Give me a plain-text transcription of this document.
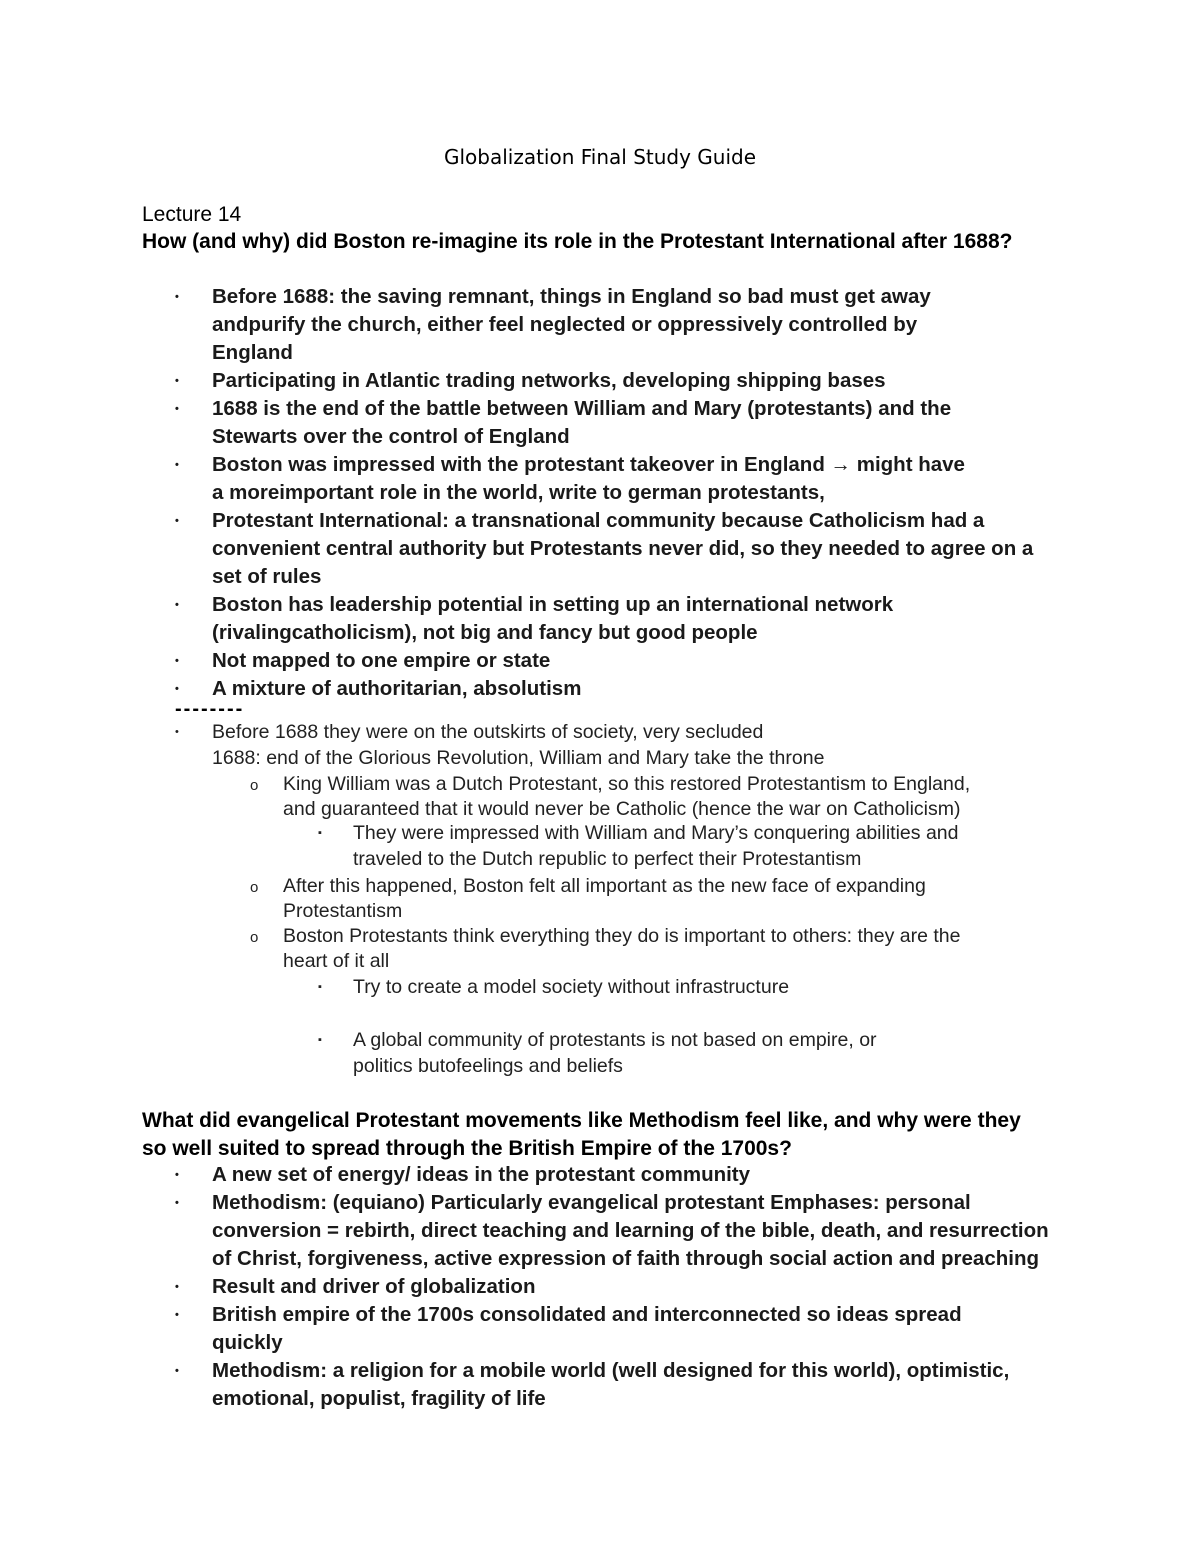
Globalization Final Study Guide
Lecture 14
How (and why) did Boston re-imagine its role in the Protestant International after 1688?
• Before 1688: the saving remnant, things in England so bad must get away andpurify the church, either feel neglected or oppressively controlled by England
• Participating in Atlantic trading networks, developing shipping bases
• 1688 is the end of the battle between William and Mary (protestants) and the Stewarts over the control of England
• Boston was impressed with the protestant takeover in England → might have a moreimportant role in the world, write to german protestants,
• Protestant International: a transnational community because Catholicism had a convenient central authority but Protestants never did, so they needed to agree on a set of rules
• Boston has leadership potential in setting up an international network (rivalingcatholicism), not big and fancy but good people
• Not mapped to one empire or state
• A mixture of authoritarian, absolutism
--------
• Before 1688 they were on the outskirts of society, very secluded
1688: end of the Glorious Revolution, William and Mary take the throne
o King William was a Dutch Protestant, so this restored Protestantism to England,
and guaranteed that it would never be Catholic (hence the war on Catholicism)
▪ They were impressed with William and Mary’s conquering abilities and
traveled to the Dutch republic to perfect their Protestantism
o After this happened, Boston felt all important as the new face of expanding
Protestantism
o Boston Protestants think everything they do is important to others: they are the
heart of it all
▪ Try to create a model society without infrastructure
▪ A global community of protestants is not based on empire, or
politics butofeelings and beliefs
What did evangelical Protestant movements like Methodism feel like, and why were they so well suited to spread through the British Empire of the 1700s?
• A new set of energy/ ideas in the protestant community
• Methodism: (equiano) Particularly evangelical protestant Emphases: personal conversion = rebirth, direct teaching and learning of the bible, death, and resurrection of Christ, forgiveness, active expression of faith through social action and preaching
• Result and driver of globalization
• British empire of the 1700s consolidated and interconnected so ideas spread quickly
• Methodism: a religion for a mobile world (well designed for this world), optimistic, emotional, populist, fragility of life
